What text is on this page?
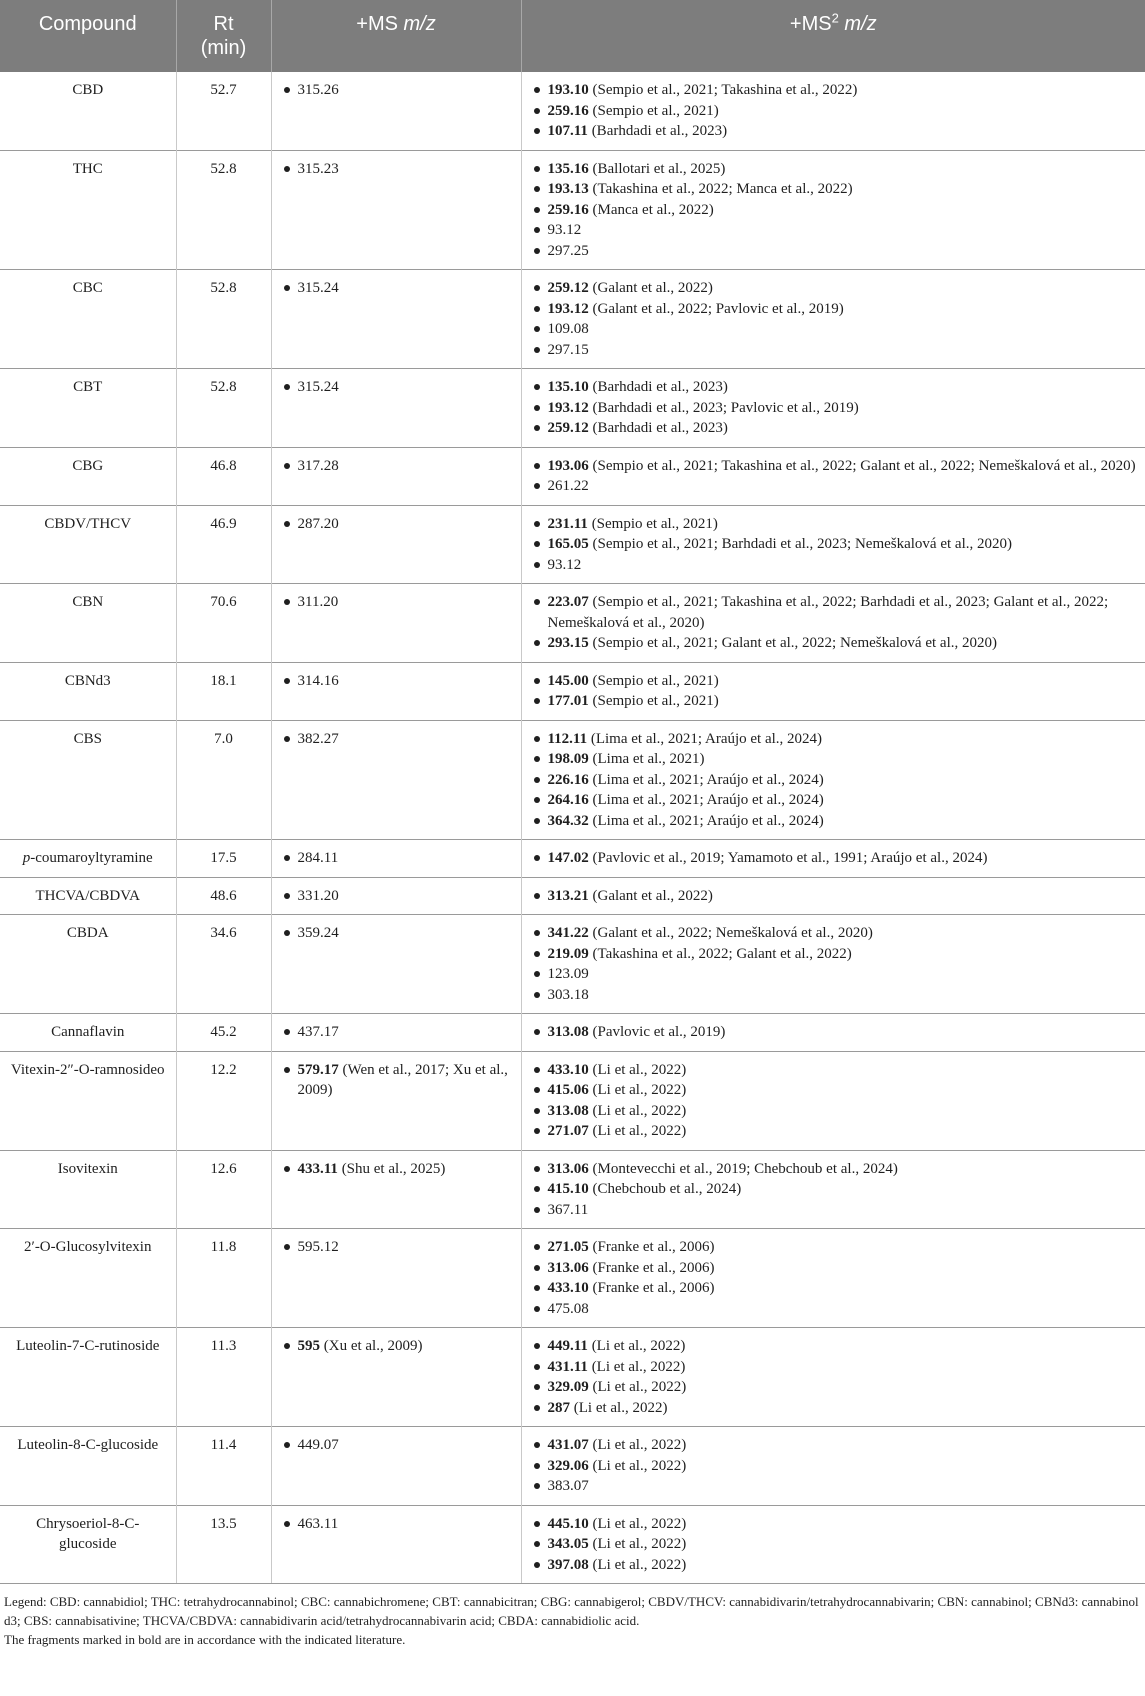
Compound	Rt
(min)	+MS m/z	$+MS^2$ m/z

CBD	52.7	315.26	193.10 (Sempio et al., 2021; Takashina et al., 2022)
259.16 (Sempio et al., 2021)
107.11 (Barhdadi et al., 2023)

THC	52.8	315.23	135.16 (Ballotari et al., 2025)
193.13 (Takashina et al., 2022; Manca et al., 2022)
259.16 (Manca et al., 2022)
93.12
297.25

CBC	52.8	315.24	259.12 (Galant et al., 2022)
193.12 (Galant et al., 2022; Pavlovic et al., 2019)
109.08
297.15

CBT	52.8	315.24	135.10 (Barhdadi et al., 2023)
193.12 (Barhdadi et al., 2023; Pavlovic et al., 2019)
259.12 (Barhdadi et al., 2023)

CBG	46.8	317.28	193.06 (Sempio et al., 2021; Takashina et al., 2022; Galant et al., 2022; Nemeškalová et al., 2020)
261.22

CBDV/THCV	46.9	287.20	231.11 (Sempio et al., 2021)
165.05 (Sempio et al., 2021; Barhdadi et al., 2023; Nemeškalová et al., 2020)
93.12

CBN	70.6	311.20	223.07 (Sempio et al., 2021; Takashina et al., 2022; Barhdadi et al., 2023; Galant et al., 2022; Nemeškalová et al., 2020)
293.15 (Sempio et al., 2021; Galant et al., 2022; Nemeškalová et al., 2020)

CBNd3	18.1	314.16	145.00 (Sempio et al., 2021)
177.01 (Sempio et al., 2021)

CBS	7.0	382.27	112.11 (Lima et al., 2021; Araújo et al., 2024)
198.09 (Lima et al., 2021)
226.16 (Lima et al., 2021; Araújo et al., 2024)
264.16 (Lima et al., 2021; Araújo et al., 2024)
364.32 (Lima et al., 2021; Araújo et al., 2024)

p-coumaroyltyramine	17.5	284.11	147.02 (Pavlovic et al., 2019; Yamamoto et al., 1991; Araújo et al., 2024)

THCVA/CBDVA	48.6	331.20	313.21 (Galant et al., 2022)

CBDA	34.6	359.24	341.22 (Galant et al., 2022; Nemeškalová et al., 2020)
219.09 (Takashina et al., 2022; Galant et al., 2022)
123.09
303.18

Cannaflavin	45.2	437.17	313.08 (Pavlovic et al., 2019)

Vitexin-2″-O-ramnosideo	12.2	579.17 (Wen et al., 2017; Xu et al., 2009)	433.10 (Li et al., 2022)
415.06 (Li et al., 2022)
313.08 (Li et al., 2022)
271.07 (Li et al., 2022)

Isovitexin	12.6	433.11 (Shu et al., 2025)	313.06 (Montevecchi et al., 2019; Chebchoub et al., 2024)
415.10 (Chebchoub et al., 2024)
367.11

2′-O-Glucosylvitexin	11.8	595.12	271.05 (Franke et al., 2006)
313.06 (Franke et al., 2006)
433.10 (Franke et al., 2006)
475.08

Luteolin-7-C-rutinoside	11.3	595 (Xu et al., 2009)	449.11 (Li et al., 2022)
431.11 (Li et al., 2022)
329.09 (Li et al., 2022)
287 (Li et al., 2022)

Luteolin-8-C-glucoside	11.4	449.07	431.07 (Li et al., 2022)
329.06 (Li et al., 2022)
383.07

Chrysoeriol-8-C-glucoside	13.5	463.11	445.10 (Li et al., 2022)
343.05 (Li et al., 2022)
397.08 (Li et al., 2022)
Legend: CBD: cannabidiol; THC: tetrahydrocannabinol; CBC: cannabichromene; CBT: cannabicitran; CBG: cannabigerol; CBDV/THCV: cannabidivarin/tetrahydrocannabivarin; CBN: cannabinol; CBNd3: cannabinol d3; CBS: cannabisativine; THCVA/CBDVA: cannabidivarin acid/tetrahydrocannabivarin acid; CBDA: cannabidiolic acid.
The fragments marked in bold are in accordance with the indicated literature.
